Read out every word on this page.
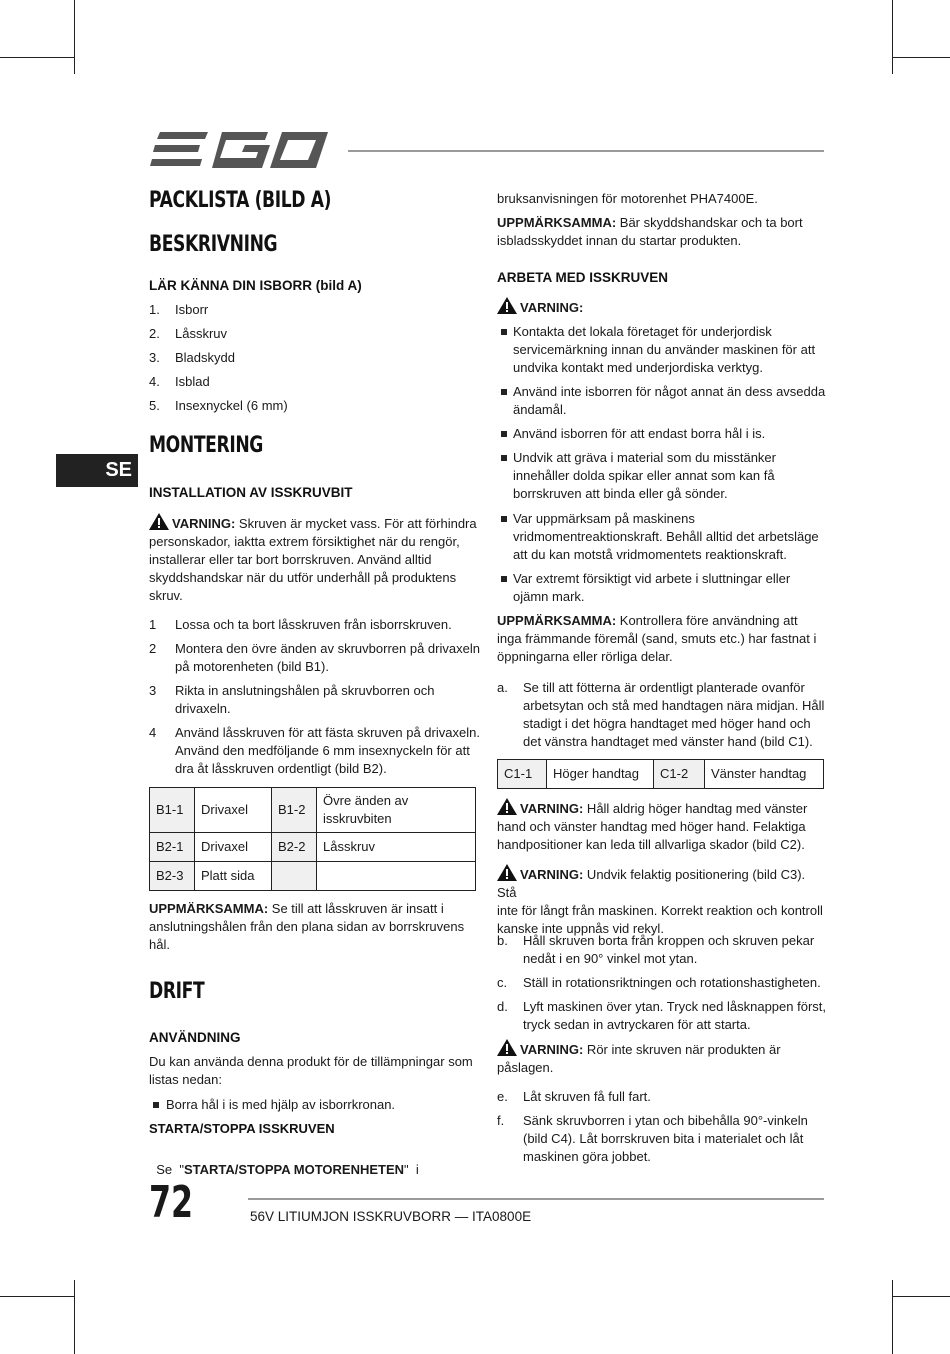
SE
PACKLISTA (BILD A)
BESKRIVNING
LÄR KÄNNA DIN ISBORR (bild A)
1. Isborr
2. Låsskruv
3. Bladskydd
4. Isblad
5. Insexnyckel (6 mm)
MONTERING
INSTALLATION AV ISSKRUVBIT
VARNING: Skruven är mycket vass. För att förhindra
personskador, iaktta extrem försiktighet när du rengör,
installerar eller tar bort borrskruven. Använd alltid
skyddshandskar när du utför underhåll på produktens
skruv.
1 Lossa och ta bort låsskruven från isborrskruven.
2 Montera den övre änden av skruvborren på drivaxeln
på motorenheten (bild B1).
3 Rikta in anslutningshålen på skruvborren och
drivaxeln.
4 Använd låsskruven för att fästa skruven på drivaxeln.
Använd den medföljande 6 mm insexnyckeln för att
dra åt låsskruven ordentligt (bild B2).
B1-1	Drivaxel	B1-2	Övre änden av isskruvbiten
B2-1	Drivaxel	B2-2	Låsskruv
B2-3	Platt sida		
UPPMÄRKSAMMA: Se till att låsskruven är insatt i
anslutningshålen från den plana sidan av borrskruvens
hål.
DRIFT
ANVÄNDNING
Du kan använda denna produkt för de tillämpningar som
listas nedan:
Borra hål i is med hjälp av isborrkronan.
STARTA/STOPPA ISSKRUVEN

Se  "STARTA/STOPPA MOTORENHETEN"  i

bruksanvisningen för motorenhet PHA7400E.
UPPMÄRKSAMMA: Bär skyddshandskar och ta bort
isbladsskyddet innan du startar produkten.
ARBETA MED ISSKRUVEN
VARNING:
Kontakta det lokala företaget för underjordisk
servicemärkning innan du använder maskinen för att
undvika kontakt med underjordiska verktyg.
Använd inte isborren för något annat än dess avsedda
ändamål.
Använd isborren för att endast borra hål i is.
Undvik att gräva i material som du misstänker
innehåller dolda spikar eller annat som kan få
borrskruven att binda eller gå sönder.
Var uppmärksam på maskinens
vridmomentreaktionskraft. Behåll alltid det arbetsläge
att du kan motstå vridmomentets reaktionskraft.
Var extremt försiktigt vid arbete i sluttningar eller
ojämn mark.
UPPMÄRKSAMMA: Kontrollera före användning att
inga främmande föremål (sand, smuts etc.) har fastnat i
öppningarna eller rörliga delar.
a. Se till att fötterna är ordentligt planterade ovanför
arbetsytan och stå med handtagen nära midjan. Håll
stadigt i det högra handtaget med höger hand och
det vänstra handtaget med vänster hand (bild C1).
C1-1	Höger handtag	C1-2	Vänster handtag
VARNING: Håll aldrig höger handtag med vänster
hand och vänster handtag med höger hand. Felaktiga
handpositioner kan leda till allvarliga skador (bild C2).
VARNING: Undvik felaktig positionering (bild C3). Stå
inte för långt från maskinen. Korrekt reaktion och kontroll
kanske inte uppnås vid rekyl.
b. Håll skruven borta från kroppen och skruven pekar
nedåt i en 90° vinkel mot ytan.
c. Ställ in rotationsriktningen och rotationshastigheten.
d. Lyft maskinen över ytan. Tryck ned låsknappen först,
tryck sedan in avtryckaren för att starta.
VARNING: Rör inte skruven när produkten är
påslagen.
e. Låt skruven få full fart.
f. Sänk skruvborren i ytan och bibehålla 90°-vinkeln
(bild C4). Låt borrskruven bita i materialet och låt
maskinen göra jobbet.
72	56V LITIUMJON ISSKRUVBORR — ITA0800E
